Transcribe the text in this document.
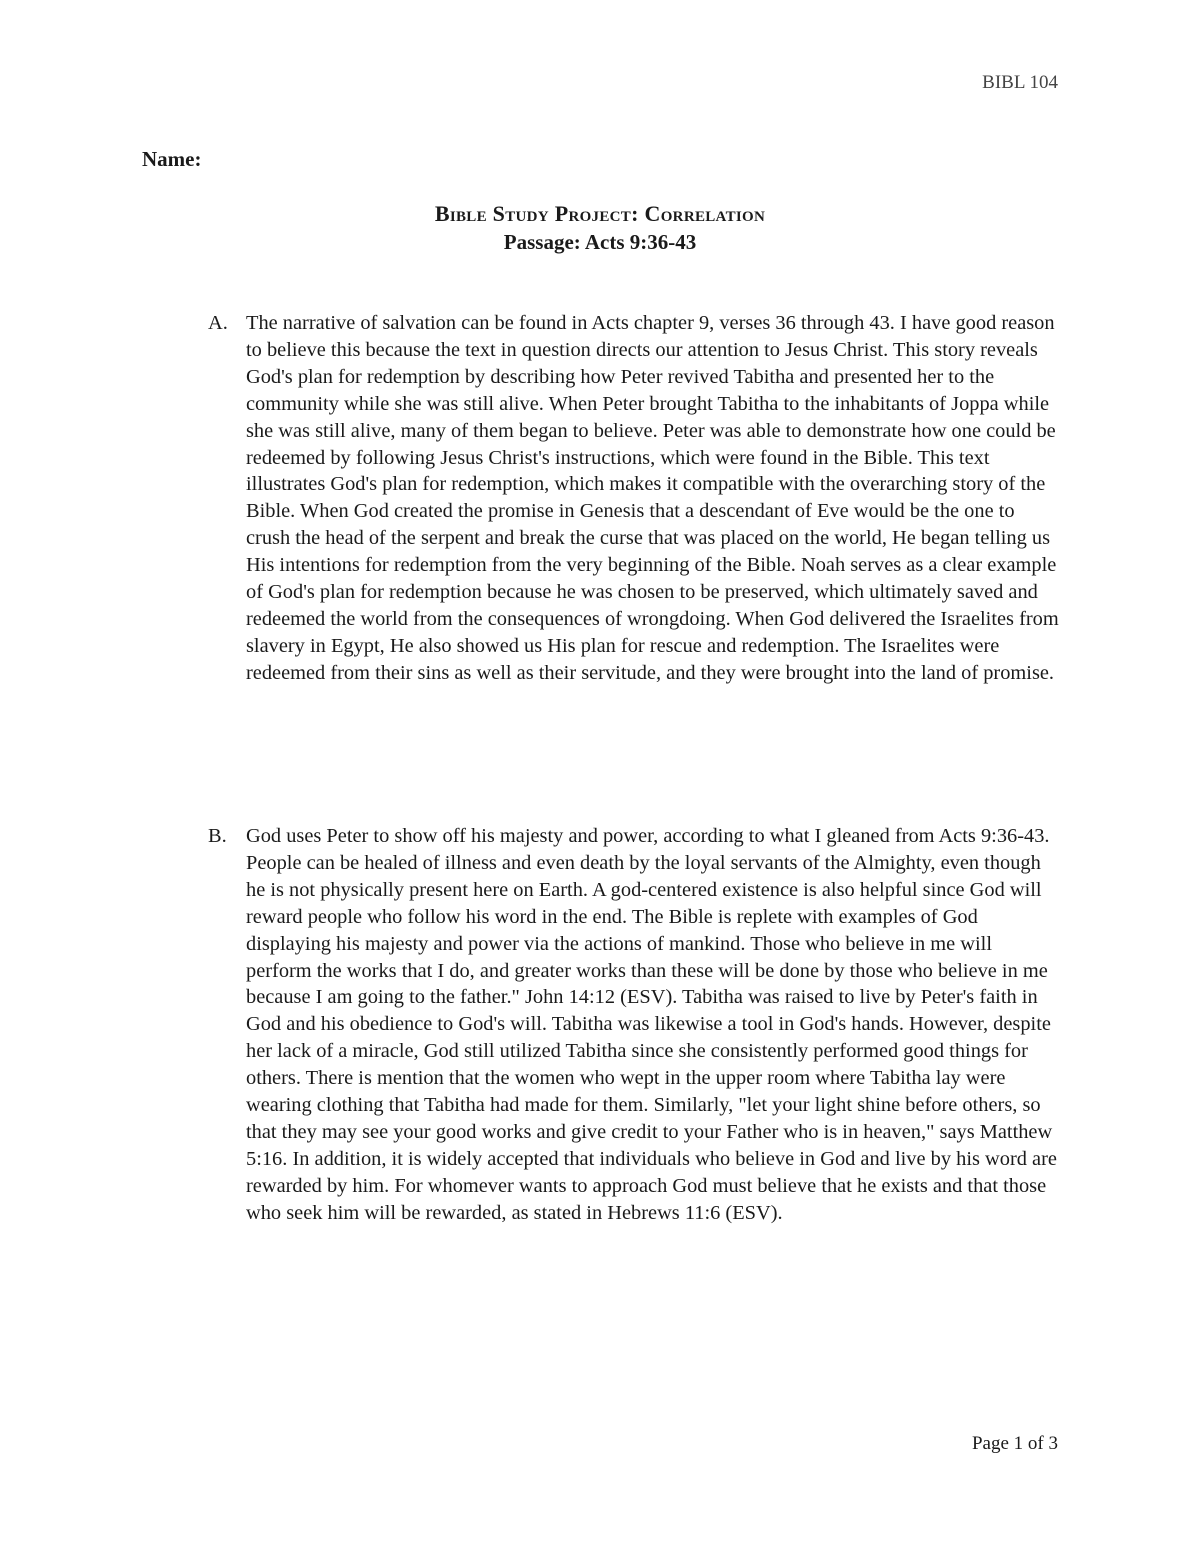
BIBL 104
Name:
Bible Study Project: Correlation
Passage: Acts 9:36-43
A. The narrative of salvation can be found in Acts chapter 9, verses 36 through 43. I have good reason to believe this because the text in question directs our attention to Jesus Christ. This story reveals God's plan for redemption by describing how Peter revived Tabitha and presented her to the community while she was still alive. When Peter brought Tabitha to the inhabitants of Joppa while she was still alive, many of them began to believe. Peter was able to demonstrate how one could be redeemed by following Jesus Christ's instructions, which were found in the Bible. This text illustrates God's plan for redemption, which makes it compatible with the overarching story of the Bible. When God created the promise in Genesis that a descendant of Eve would be the one to crush the head of the serpent and break the curse that was placed on the world, He began telling us His intentions for redemption from the very beginning of the Bible. Noah serves as a clear example of God's plan for redemption because he was chosen to be preserved, which ultimately saved and redeemed the world from the consequences of wrongdoing. When God delivered the Israelites from slavery in Egypt, He also showed us His plan for rescue and redemption. The Israelites were redeemed from their sins as well as their servitude, and they were brought into the land of promise.
B. God uses Peter to show off his majesty and power, according to what I gleaned from Acts 9:36-43. People can be healed of illness and even death by the loyal servants of the Almighty, even though he is not physically present here on Earth. A god-centered existence is also helpful since God will reward people who follow his word in the end. The Bible is replete with examples of God displaying his majesty and power via the actions of mankind. Those who believe in me will perform the works that I do, and greater works than these will be done by those who believe in me because I am going to the father." John 14:12 (ESV). Tabitha was raised to live by Peter's faith in God and his obedience to God's will. Tabitha was likewise a tool in God's hands. However, despite her lack of a miracle, God still utilized Tabitha since she consistently performed good things for others. There is mention that the women who wept in the upper room where Tabitha lay were wearing clothing that Tabitha had made for them. Similarly, "let your light shine before others, so that they may see your good works and give credit to your Father who is in heaven," says Matthew 5:16. In addition, it is widely accepted that individuals who believe in God and live by his word are rewarded by him. For whomever wants to approach God must believe that he exists and that those who seek him will be rewarded, as stated in Hebrews 11:6 (ESV).
Page 1 of 3
